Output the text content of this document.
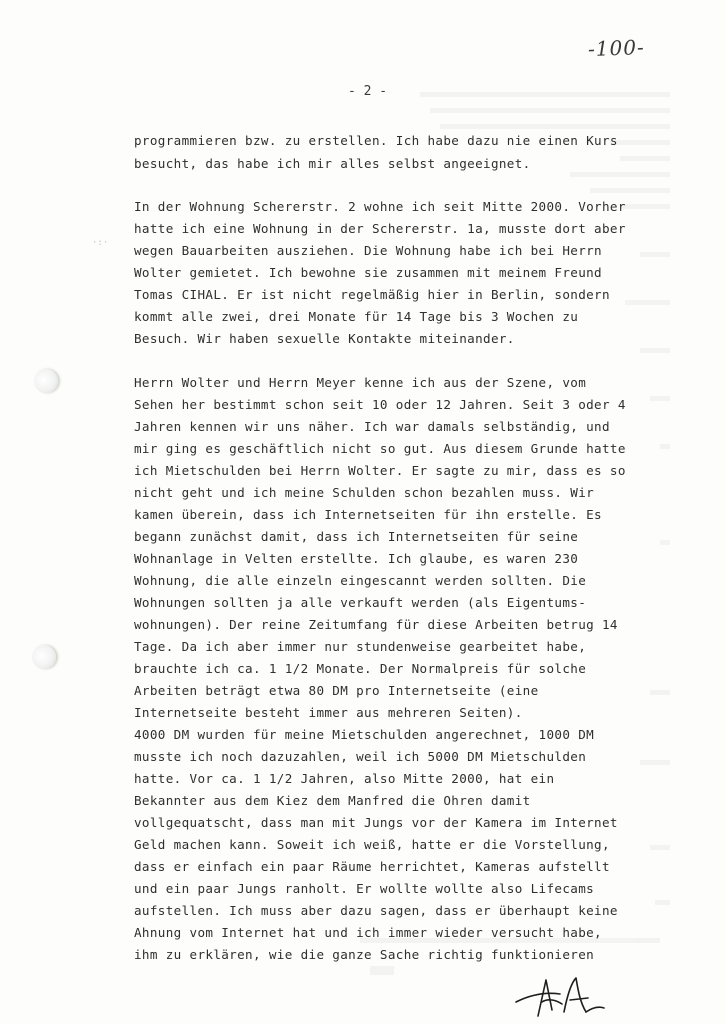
-100-
- 2 -
·:·
programmieren bzw. zu erstellen. Ich habe dazu nie einen Kurs
besucht, das habe ich mir alles selbst angeeignet.
In der Wohnung Schererstr. 2 wohne ich seit Mitte 2000. Vorher
hatte ich eine Wohnung in der Schererstr. 1a, musste dort aber
wegen Bauarbeiten ausziehen. Die Wohnung habe ich bei Herrn
Wolter gemietet. Ich bewohne sie zusammen mit meinem Freund
Tomas CIHAL. Er ist nicht regelmäßig hier in Berlin, sondern
kommt alle zwei, drei Monate für 14 Tage bis 3 Wochen zu
Besuch. Wir haben sexuelle Kontakte miteinander.
Herrn Wolter und Herrn Meyer kenne ich aus der Szene, vom
Sehen her bestimmt schon seit 10 oder 12 Jahren. Seit 3 oder 4
Jahren kennen wir uns näher. Ich war damals selbständig, und
mir ging es geschäftlich nicht so gut. Aus diesem Grunde hatte
ich Mietschulden bei Herrn Wolter. Er sagte zu mir, dass es so
nicht geht und ich meine Schulden schon bezahlen muss. Wir
kamen überein, dass ich Internetseiten für ihn erstelle. Es
begann zunächst damit, dass ich Internetseiten für seine
Wohnanlage in Velten erstellte. Ich glaube, es waren 230
Wohnung, die alle einzeln eingescannt werden sollten. Die
Wohnungen sollten ja alle verkauft werden (als Eigentums-
wohnungen). Der reine Zeitumfang für diese Arbeiten betrug 14
Tage. Da ich aber immer nur stundenweise gearbeitet habe,
brauchte ich ca. 1 1/2 Monate. Der Normalpreis für solche
Arbeiten beträgt etwa 80 DM pro Internetseite (eine
Internetseite besteht immer aus mehreren Seiten).
4000 DM wurden für meine Mietschulden angerechnet, 1000 DM
musste ich noch dazuzahlen, weil ich 5000 DM Mietschulden
hatte. Vor ca. 1 1/2 Jahren, also Mitte 2000, hat ein
Bekannter aus dem Kiez dem Manfred die Ohren damit
vollgequatscht, dass man mit Jungs vor der Kamera im Internet
Geld machen kann. Soweit ich weiß, hatte er die Vorstellung,
dass er einfach ein paar Räume herrichtet, Kameras aufstellt
und ein paar Jungs ranholt. Er wollte wollte also Lifecams
aufstellen. Ich muss aber dazu sagen, dass er überhaupt keine
Ahnung vom Internet hat und ich immer wieder versucht habe,
ihm zu erklären, wie die ganze Sache richtig funktionieren
